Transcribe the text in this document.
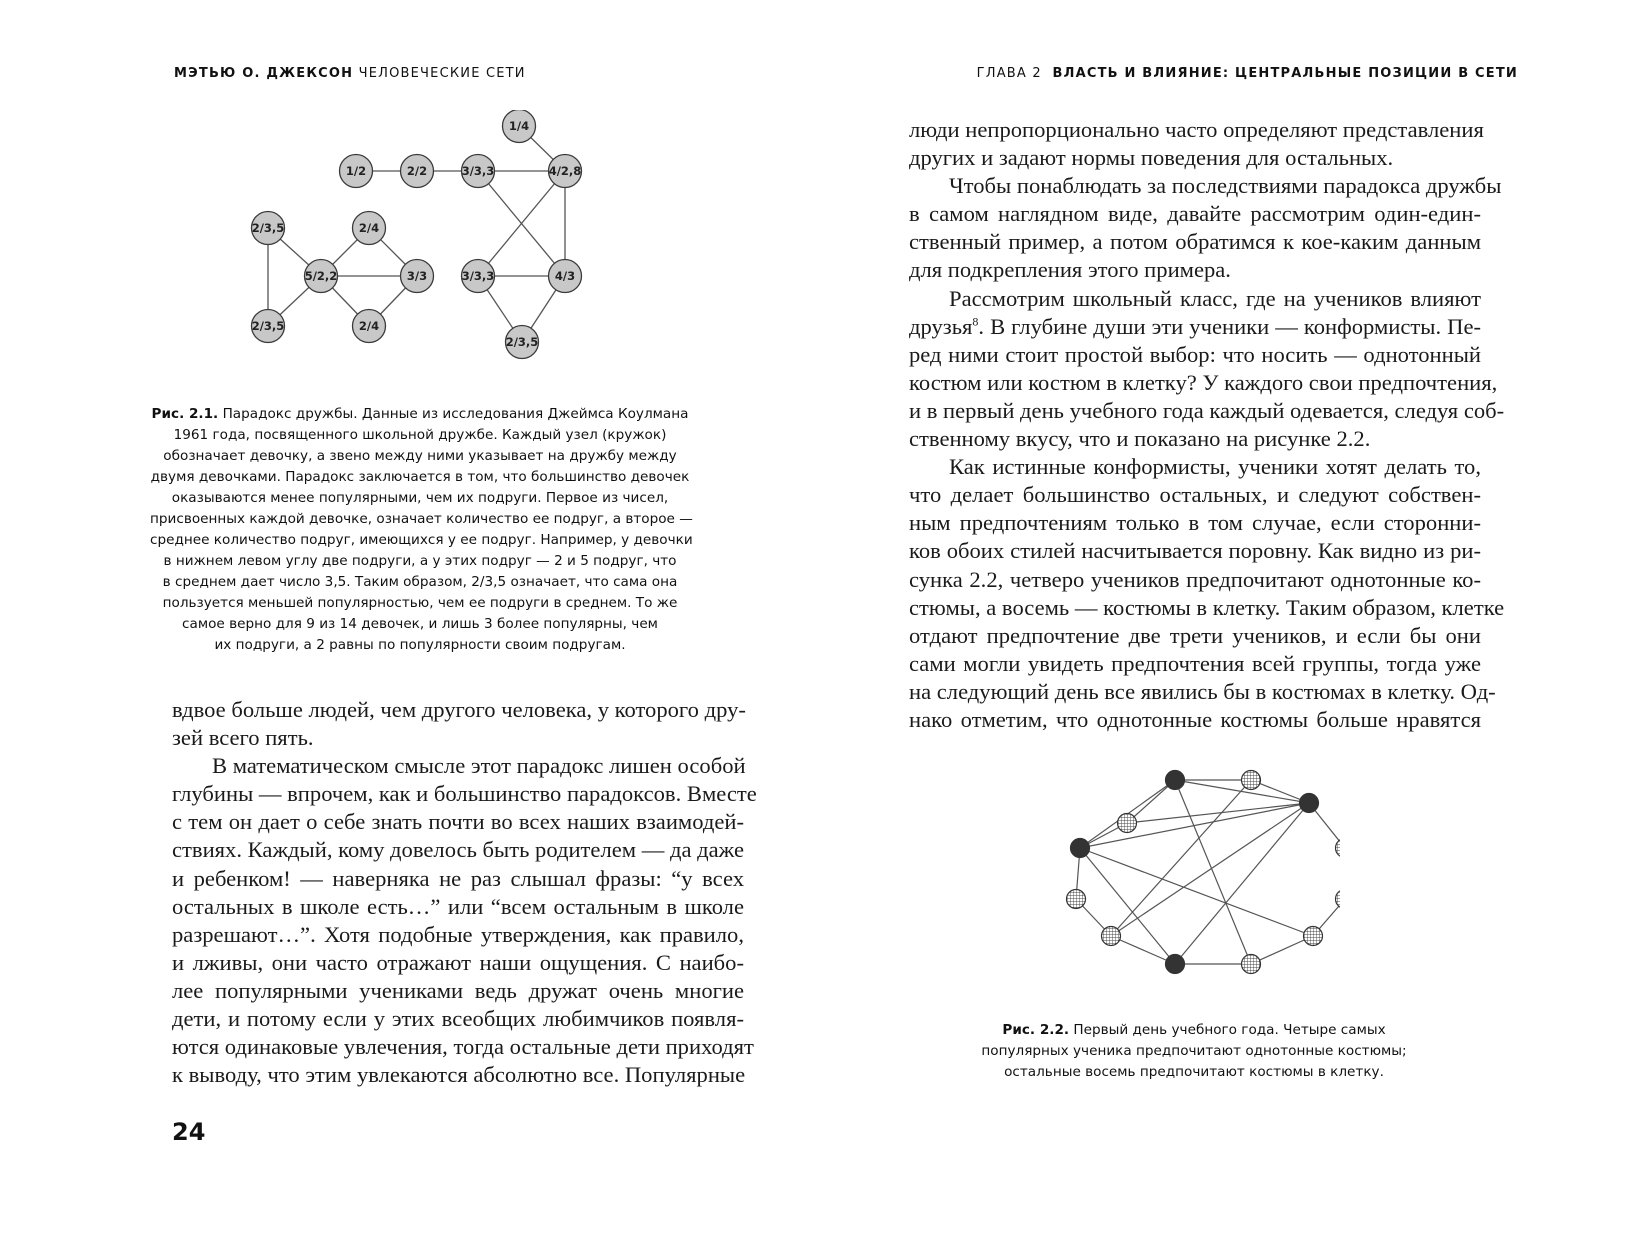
МЭТЬЮ О. ДЖЕКСОН ЧЕЛОВЕЧЕСКИЕ СЕТИ
1/4
1/2	2/2	3/3,3	4/2,8
2/3,5	2/4
5/2,2	3/3	3/3,3	4/3
2/3,5	2/4
2/3,5
Рис. 2.1. Парадокс дружбы. Данные из исследования Джеймса Коулмана
1961 года, посвященного школьной дружбе. Каждый узел (кружок)
обозначает девочку, а звено между ними указывает на дружбу между
двумя девочками. Парадокс заключается в том, что большинство девочек
оказываются менее популярными, чем их подруги. Первое из чисел,
присвоенных каждой девочке, означает количество ее подруг, а второе —
среднее количество подруг, имеющихся у ее подруг. Например, у девочки
в нижнем левом углу две подруги, а у этих подруг — 2 и 5 подруг, что
в среднем дает число 3,5. Таким образом, 2/3,5 означает, что сама она
пользуется меньшей популярностью, чем ее подруги в среднем. То же
самое верно для 9 из 14 девочек, и лишь 3 более популярны, чем
их подруги, а 2 равны по популярности своим подругам.
вдвое больше людей, чем другого человека, у которого дру-
зей всего пять.
В математическом смысле этот парадокс лишен особой
глубины — впрочем, как и большинство парадоксов. Вместе
с тем он дает о себе знать почти во всех наших взаимодей-
ствиях. Каждый, кому довелось быть родителем — да даже
и ребенком! — наверняка не раз слышал фразы: “у всех
остальных в школе есть…” или “всем остальным в школе
разрешают…”. Хотя подобные утверждения, как правило,
и лживы, они часто отражают наши ощущения. С наибо-
лее популярными учениками ведь дружат очень многие
дети, и потому если у этих всеобщих любимчиков появля-
ются одинаковые увлечения, тогда остальные дети приходят
к выводу, что этим увлекаются абсолютно все. Популярные
24
ГЛАВА 2 ВЛАСТЬ И ВЛИЯНИЕ: ЦЕНТРАЛЬНЫЕ ПОЗИЦИИ В СЕТИ
люди непропорционально часто определяют представления
других и задают нормы поведения для остальных.
Чтобы понаблюдать за последствиями парадокса дружбы
в самом наглядном виде, давайте рассмотрим один-един-
ственный пример, а потом обратимся к кое-каким данным
для подкрепления этого примера.
Рассмотрим школьный класс, где на учеников влияют
друзья$^8$. В глубине души эти ученики — конформисты. Пе-
ред ними стоит простой выбор: что носить — однотонный
костюм или костюм в клетку? У каждого свои предпочтения,
и в первый день учебного года каждый одевается, следуя соб-
ственному вкусу, что и показано на рисунке 2.2.
Как истинные конформисты, ученики хотят делать то,
что делает большинство остальных, и следуют собствен-
ным предпочтениям только в том случае, если сторонни-
ков обоих стилей насчитывается поровну. Как видно из ри-
сунка 2.2, четверо учеников предпочитают однотонные ко-
стюмы, а восемь — костюмы в клетку. Таким образом, клетке
отдают предпочтение две трети учеников, и если бы они
сами могли увидеть предпочтения всей группы, тогда уже
на следующий день все явились бы в костюмах в клетку. Од-
нако отметим, что однотонные костюмы больше нравятся
Рис. 2.2. Первый день учебного года. Четыре самых
популярных ученика предпочитают однотонные костюмы;
остальные восемь предпочитают костюмы в клетку.
